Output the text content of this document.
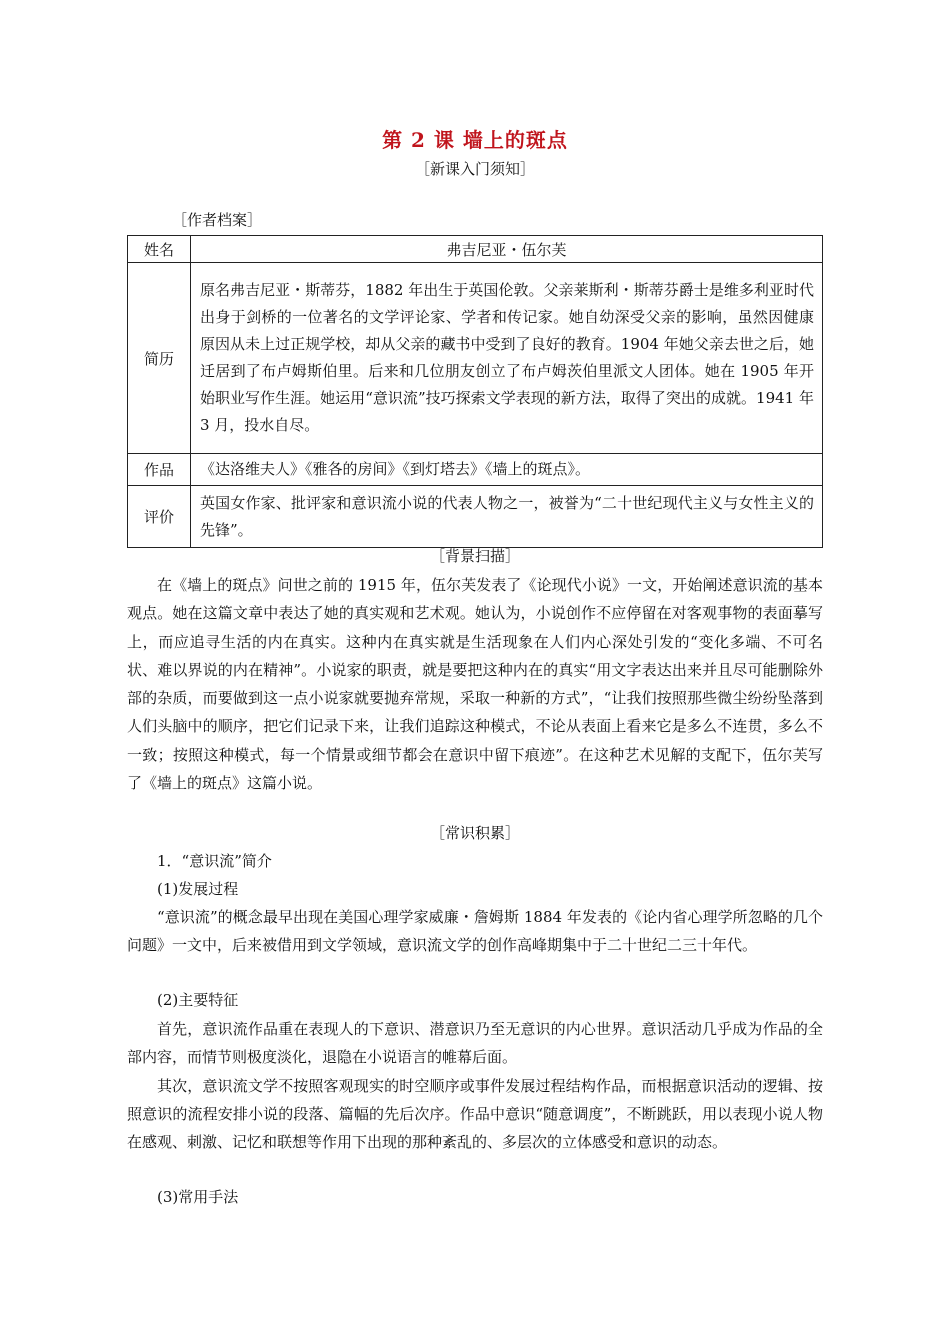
第 2 课 墙上的斑点
［新课入门须知］
［作者档案］
姓名	弗吉尼亚・伍尔芙
简历	原名弗吉尼亚・斯蒂芬，1882 年出生于英国伦敦。父亲莱斯利・斯蒂芬爵士是维多利亚时代出身于剑桥的一位著名的文学评论家、学者和传记家。她自幼深受父亲的影响，虽然因健康原因从未上过正规学校，却从父亲的藏书中受到了良好的教育。1904 年她父亲去世之后，她迁居到了布卢姆斯伯里。后来和几位朋友创立了布卢姆茨伯里派文人团体。她在 1905 年开始职业写作生涯。她运用“意识流”技巧探索文学表现的新方法，取得了突出的成就。1941 年 3 月，投水自尽。
作品	《达洛维夫人》《雅各的房间》《到灯塔去》《墙上的斑点》。
评价	英国女作家、批评家和意识流小说的代表人物之一，被誉为“二十世纪现代主义与女性主义的先锋”。
［背景扫描］

在《墙上的斑点》问世之前的 1915 年，伍尔芙发表了《论现代小说》一文，开始阐述意识流的基本观点。她在这篇文章中表达了她的真实观和艺术观。她认为，小说创作不应停留在对客观事物的表面摹写上，而应追寻生活的内在真实。这种内在真实就是生活现象在人们内心深处引发的“变化多端、不可名状、难以界说的内在精神”。小说家的职责，就是要把这种内在的真实“用文字表达出来并且尽可能删除外部的杂质，而要做到这一点小说家就要抛弃常规，采取一种新的方式”，“让我们按照那些微尘纷纷坠落到人们头脑中的顺序，把它们记录下来，让我们追踪这种模式，不论从表面上看来它是多么不连贯，多么不一致；按照这种模式，每一个情景或细节都会在意识中留下痕迹”。在这种艺术见解的支配下，伍尔芙写了《墙上的斑点》这篇小说。

［常识积累］
1．“意识流”简介
(1)发展过程

“意识流”的概念最早出现在美国心理学家威廉・詹姆斯 1884 年发表的《论内省心理学所忽略的几个问题》一文中，后来被借用到文学领域，意识流文学的创作高峰期集中于二十世纪二三十年代。

(2)主要特征

首先，意识流作品重在表现人的下意识、潜意识乃至无意识的内心世界。意识活动几乎成为作品的全部内容，而情节则极度淡化，退隐在小说语言的帷幕后面。

其次，意识流文学不按照客观现实的时空顺序或事件发展过程结构作品，而根据意识活动的逻辑、按照意识的流程安排小说的段落、篇幅的先后次序。作品中意识“随意调度”，不断跳跃，用以表现小说人物在感观、刺激、记忆和联想等作用下出现的那种紊乱的、多层次的立体感受和意识的动态。

(3)常用手法
